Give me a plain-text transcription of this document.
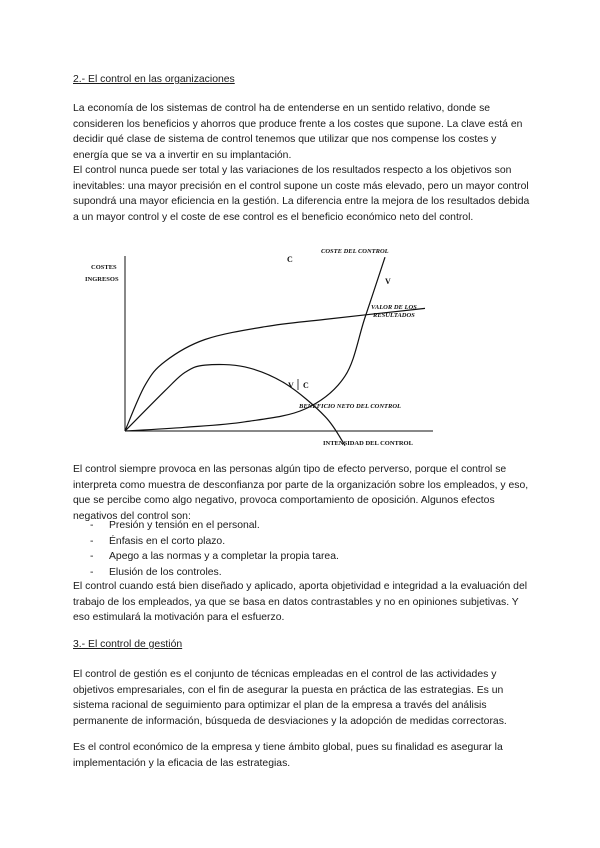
2.- El control en las organizaciones

La economía de los sistemas de control ha de entenderse en un sentido relativo, donde se consideren los beneficios y ahorros que produce frente a los costes que supone. La clave está en decidir qué clase de sistema de control tenemos que utilizar que nos compense los costes y energía que se va a invertir en su implantación.

El control nunca puede ser total y las variaciones de los resultados respecto a los objetivos son inevitables: una mayor precisión en el control supone un coste más elevado, pero un mayor control supondrá una mayor eficiencia en la gestión. La diferencia entre la mejora de los resultados debida a un mayor control y el coste de ese control es el beneficio económico neto del control.

COSTES
INGRESOS
INTENSIDAD DEL CONTROL
COSTE DEL CONTROL
C
V
VALOR DE LOS
RESULTADOS
V C
BENEFICIO NETO DEL CONTROL

El control siempre provoca en las personas algún tipo de efecto perverso, porque el control se interpreta como muestra de desconfianza por parte de la organización sobre los empleados, y eso, que se percibe como algo negativo, provoca comportamiento de oposición. Algunos efectos negativos del control son:

- Presión y tensión en el personal.
- Énfasis en el corto plazo.
- Apego a las normas y a completar la propia tarea.
- Elusión de los controles.

El control cuando está bien diseñado y aplicado, aporta objetividad e integridad a la evaluación del trabajo de los empleados, ya que se basa en datos contrastables y no en opiniones subjetivas. Y eso estimulará la motivación para el esfuerzo.

3.- El control de gestión

El control de gestión es el conjunto de técnicas empleadas en el control de las actividades y objetivos empresariales, con el fin de asegurar la puesta en práctica de las estrategias. Es un sistema racional de seguimiento para optimizar el plan de la empresa a través del análisis permanente de información, búsqueda de desviaciones y la adopción de medidas correctoras.

Es el control económico de la empresa y tiene ámbito global, pues su finalidad es asegurar la implementación y la eficacia de las estrategias.
